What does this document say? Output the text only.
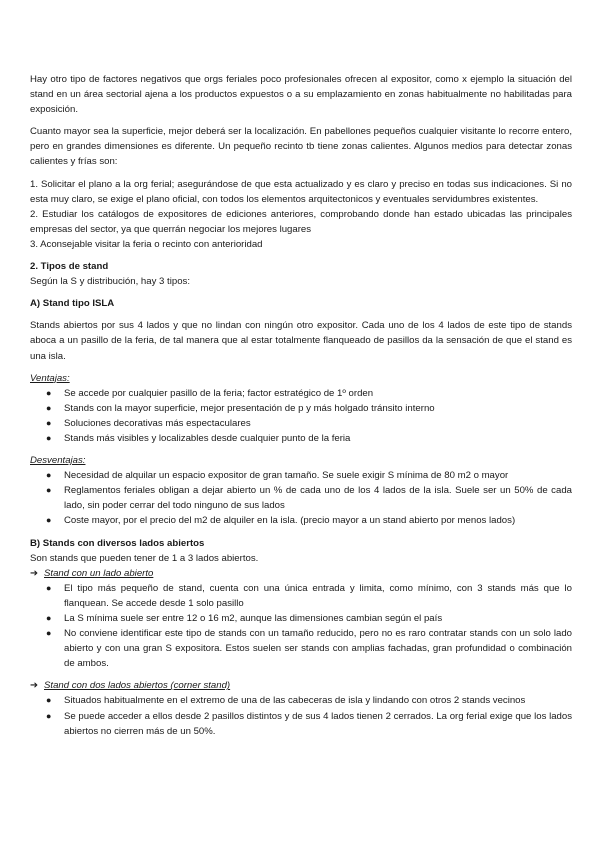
Hay otro tipo de factores negativos que orgs feriales poco profesionales ofrecen al expositor, como x ejemplo la situación del stand en un área sectorial ajena a los productos expuestos o a su emplazamiento en zonas habitualmente no habilitadas para exposición.

Cuanto mayor sea la superficie, mejor deberá ser la localización. En pabellones pequeños cualquier visitante lo recorre entero, pero en grandes dimensiones es diferente. Un pequeño recinto tb tiene zonas calientes. Algunos medios para detectar zonas calientes y frías son:

1. Solicitar el plano a la org ferial; asegurándose de que esta actualizado y es claro y preciso en todas sus indicaciones. Si no esta muy claro, se exige el plano oficial, con todos los elementos arquitectonicos y eventuales servidumbres existentes.

2. Estudiar los catálogos de expositores de ediciones anteriores, comprobando donde han estado ubicadas las principales empresas del sector, ya que querrán negociar los mejores lugares

3. Aconsejable visitar la feria o recinto con anterioridad

2. Tipos de stand

Según la S y distribución, hay 3 tipos:

A) Stand tipo ISLA

Stands abiertos por sus 4 lados y que no lindan con ningún otro expositor. Cada uno de los 4 lados de este tipo de stands aboca a un pasillo de la feria, de tal manera que al estar totalmente flanqueado de pasillos da la sensación de que el stand es una isla.

Ventajas:

● Se accede por cualquier pasillo de la feria; factor estratégico de 1º orden
● Stands con la mayor superficie, mejor presentación de p y más holgado tránsito interno
● Soluciones decorativas más espectaculares
● Stands más visibles y localizables desde cualquier punto de la feria

Desventajas:

● Necesidad de alquilar un espacio expositor de gran tamaño. Se suele exigir S mínima de 80 m2 o mayor
● Reglamentos feriales obligan a dejar abierto un % de cada uno de los 4 lados de la isla. Suele ser un 50% de cada lado, sin poder cerrar del todo ninguno de sus lados
● Coste mayor, por el precio del m2 de alquiler en la isla. (precio mayor a un stand abierto por menos lados)

B) Stands con diversos lados abiertos

Son stands que pueden tener de 1 a 3 lados abiertos.

➔ Stand con un lado abierto

● El tipo más pequeño de stand, cuenta con una única entrada y limita, como mínimo, con 3 stands más que lo flanquean. Se accede desde 1 solo pasillo
● La S mínima suele ser entre 12 o 16 m2, aunque las dimensiones cambian según el país
● No conviene identificar este tipo de stands con un tamaño reducido, pero no es raro contratar stands con un solo lado abierto y con una gran S expositora. Estos suelen ser stands con amplias fachadas, gran profundidad o combinación de ambos.

➔ Stand con dos lados abiertos (corner stand)

● Situados habitualmente en el extremo de una de las cabeceras de isla y lindando con otros 2 stands vecinos
● Se puede acceder a ellos desde 2 pasillos distintos y de sus 4 lados tienen 2 cerrados. La org ferial exige que los lados abiertos no cierren más de un 50%.
